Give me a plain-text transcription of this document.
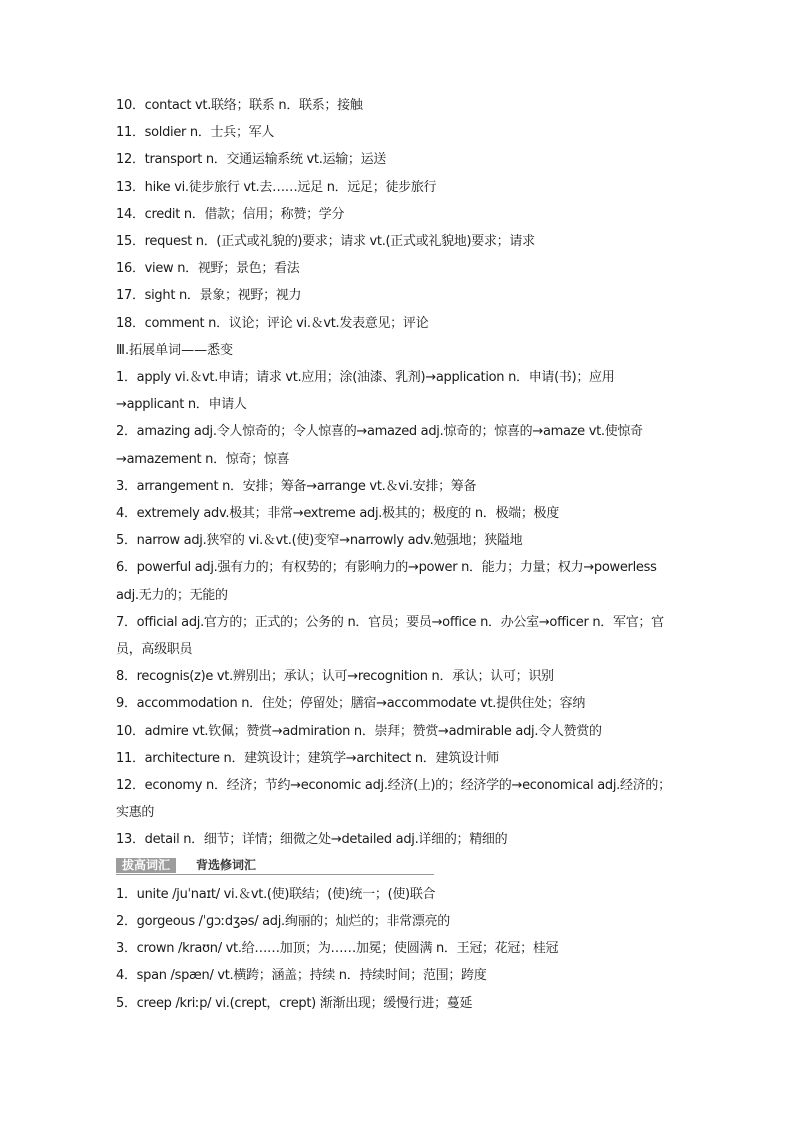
10．contact vt.联络；联系 n．联系；接触
11．soldier n．士兵；军人
12．transport n．交通运输系统 vt.运输；运送
13．hike vi.徒步旅行 vt.去……远足 n．远足；徒步旅行
14．credit n．借款；信用；称赞；学分
15．request n．(正式或礼貌的)要求；请求 vt.(正式或礼貌地)要求；请求
16．view n．视野；景色；看法
17．sight n．景象；视野；视力
18．comment n．议论；评论 vi.＆vt.发表意见；评论
Ⅲ.拓展单词——悉变
1．apply vi.＆vt.申请；请求 vt.应用；涂(油漆、乳剂)→application n．申请(书)；应用→applicant n．申请人
2．amazing adj.令人惊奇的；令人惊喜的→amazed adj.惊奇的；惊喜的→amaze vt.使惊奇→amazement n．惊奇；惊喜
3．arrangement n．安排；筹备→arrange vt.＆vi.安排；筹备
4．extremely adv.极其；非常→extreme adj.极其的；极度的 n．极端；极度
5．narrow adj.狭窄的 vi.＆vt.(使)变窄→narrowly adv.勉强地；狭隘地
6．powerful adj.强有力的；有权势的；有影响力的→power n．能力；力量；权力→powerless adj.无力的；无能的
7．official adj.官方的；正式的；公务的 n．官员；要员→office n．办公室→officer n．军官；官员，高级职员
8．recognis(z)e vt.辨别出；承认；认可→recognition n．承认；认可；识别
9．accommodation n．住处；停留处；膳宿→accommodate vt.提供住处；容纳
10．admire vt.钦佩；赞赏→admiration n．崇拜；赞赏→admirable adj.令人赞赏的
11．architecture n．建筑设计；建筑学→architect n．建筑设计师
12．economy n．经济；节约→economic adj.经济(上)的；经济学的→economical adj.经济的；实惠的
13．detail n．细节；详情；细微之处→detailed adj.详细的；精细的
拔高词汇	背选修词汇
1．unite /juˈnaɪt/ vi.＆vt.(使)联结；(使)统一；(使)联合
2．gorgeous /ˈɡɔːdʒəs/ adj.绚丽的；灿烂的；非常漂亮的
3．crown /kraʊn/ vt.给……加顶；为……加冕；使圆满 n．王冠；花冠；桂冠
4．span /spæn/ vt.横跨；涵盖；持续 n．持续时间；范围；跨度
5．creep /kriːp/ vi.(crept，crept) 渐渐出现；缓慢行进；蔓延
